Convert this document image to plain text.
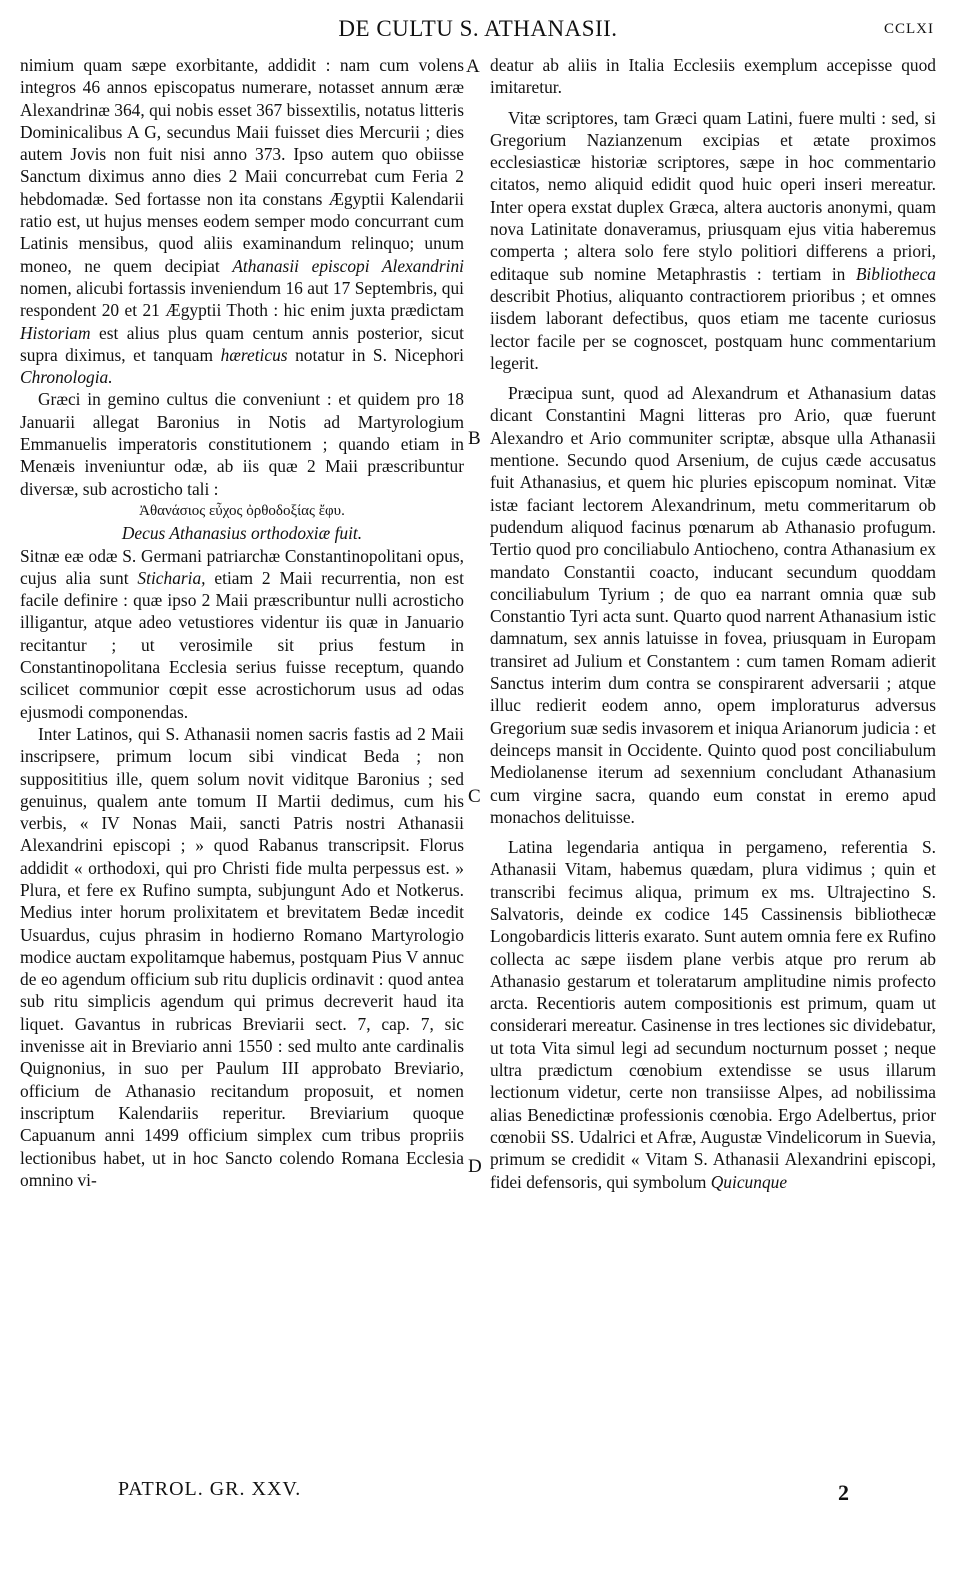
DE CULTU S. ATHANASII.	CCLXI
A
B
C
D

nimium quam sæpe exorbitante, addidit : nam cum volens integros 46 annos episcopatus numerare, notasset annum æræ Alexandrinæ 364, qui nobis esset 367 bissextilis, notatus litteris Dominicalibus A G, secundus Maii fuisset dies Mercurii ; dies autem Jovis non fuit nisi anno 373. Ipso autem quo obiisse Sanctum diximus anno dies 2 Maii concurrebat cum Feria 2 hebdomadæ. Sed fortasse non ita constans Ægyptii Kalendarii ratio est, ut hujus menses eodem semper modo concurrant cum Latinis mensibus, quod aliis examinandum relinquo; unum moneo, ne quem decipiat Athanasii episcopi Alexandrini nomen, alicubi fortassis inveniendum 16 aut 17 Septembris, qui respondent 20 et 21 Ægyptii Thoth : hic enim juxta prædictam Historiam est alius plus quam centum annis posterior, sicut supra diximus, et tanquam hæreticus notatur in S. Nicephori Chronologia.

Græci in gemino cultus die conveniunt : et quidem pro 18 Januarii allegat Baronius in Notis ad Martyrologium Emmanuelis imperatoris constitutionem ; quando etiam in Menæis inveniuntur odæ, ab iis quæ 2 Maii præscribuntur diversæ, sub acrosticho tali :

Ἀθανάσιος εὖχος ὀρθοδοξίας ἔφυ.

Decus Athanasius orthodoxiæ fuit.

Sitnæ eæ odæ S. Germani patriarchæ Constantinopolitani opus, cujus alia sunt Sticharia, etiam 2 Maii recurrentia, non est facile definire : quæ ipso 2 Maii præscribuntur nulli acrosticho illigantur, atque adeo vetustiores videntur iis quæ in Januario recitantur ; ut verosimile sit prius festum in Constantinopolitana Ecclesia serius fuisse receptum, quando scilicet communior cœpit esse acrostichorum usus ad odas ejusmodi componendas.

Inter Latinos, qui S. Athanasii nomen sacris fastis ad 2 Maii inscripsere, primum locum sibi vindicat Beda ; non supposititius ille, quem solum novit viditque Baronius ; sed genuinus, qualem ante tomum II Martii dedimus, cum his verbis, « IV Nonas Maii, sancti Patris nostri Athanasii Alexandrini episcopi ; » quod Rabanus transcripsit. Florus addidit « orthodoxi, qui pro Christi fide multa perpessus est. » Plura, et fere ex Rufino sumpta, subjungunt Ado et Notkerus. Medius inter horum prolixitatem et brevitatem Bedæ incedit Usuardus, cujus phrasim in hodierno Romano Martyrologio modice auctam expolitamque habemus, postquam Pius V annuc de eo agendum officium sub ritu duplicis ordinavit : quod antea sub ritu simplicis agendum qui primus decreverit haud ita liquet. Gavantus in rubricas Breviarii sect. 7, cap. 7, sic invenisse ait in Breviario anni 1550 : sed multo ante cardinalis Quignonius, in suo per Paulum III approbato Breviario, officium de Athanasio recitandum proposuit, et nomen inscriptum Kalendariis reperitur. Breviarium quoque Capuanum anni 1499 officium simplex cum tribus propriis lectionibus habet, ut in hoc Sancto colendo Romana Ecclesia omnino vi-

deatur ab aliis in Italia Ecclesiis exemplum accepisse quod imitaretur.

Vitæ scriptores, tam Græci quam Latini, fuere multi : sed, si Gregorium Nazianzenum excipias et ætate proximos ecclesiasticæ historiæ scriptores, sæpe in hoc commentario citatos, nemo aliquid edidit quod huic operi inseri mereatur. Inter opera exstat duplex Græca, altera auctoris anonymi, quam nova Latinitate donaveramus, priusquam ejus vitia haberemus comperta ; altera solo fere stylo politiori differens a priori, editaque sub nomine Metaphrastis : tertiam in Bibliotheca describit Photius, aliquanto contractiorem prioribus ; et omnes iisdem laborant defectibus, quos etiam me tacente curiosus lector facile per se cognoscet, postquam hunc commentarium legerit.

Præcipua sunt, quod ad Alexandrum et Athanasium datas dicant Constantini Magni litteras pro Ario, quæ fuerunt Alexandro et Ario communiter scriptæ, absque ulla Athanasii mentione. Secundo quod Arsenium, de cujus cæde accusatus fuit Athanasius, et quem hic pluries episcopum nominat. Vitæ istæ faciant lectorem Alexandrinum, metu commeritarum ob pudendum aliquod facinus pœnarum ab Athanasio profugum. Tertio quod pro conciliabulo Antiocheno, contra Athanasium ex mandato Constantii coacto, inducant secundum quoddam conciliabulum Tyrium ; de quo ea narrant omnia quæ sub Constantio Tyri acta sunt. Quarto quod narrent Athanasium istic damnatum, sex annis latuisse in fovea, priusquam in Europam transiret ad Julium et Constantem : cum tamen Romam adierit Sanctus interim dum contra se conspirarent adversarii ; atque illuc redierit eodem anno, opem imploraturus adversus Gregorium suæ sedis invasorem et iniqua Arianorum judicia : et deinceps mansit in Occidente. Quinto quod post conciliabulum Mediolanense iterum ad sexennium concludant Athanasium cum virgine sacra, quando eum constat in eremo apud monachos delituisse.

Latina legendaria antiqua in pergameno, referentia S. Athanasii Vitam, habemus quædam, plura vidimus ; quin et transcribi fecimus aliqua, primum ex ms. Ultrajectino S. Salvatoris, deinde ex codice 145 Cassinensis bibliothecæ Longobardicis litteris exarato. Sunt autem omnia fere ex Rufino collecta ac sæpe iisdem plane verbis atque pro rerum ab Athanasio gestarum et toleratarum amplitudine nimis profecto arcta. Recentioris autem compositionis est primum, quam ut considerari mereatur. Casinense in tres lectiones sic dividebatur, ut tota Vita simul legi ad secundum nocturnum posset ; neque ultra prædictum cœnobium extendisse se usus illarum lectionum videtur, certe non transiisse Alpes, ad nobilissima alias Benedictinæ professionis cœnobia. Ergo Adelbertus, prior cœnobii SS. Udalrici et Afræ, Augustæ Vindelicorum in Suevia, primum se credidit « Vitam S. Athanasii Alexandrini episcopi, fidei defensoris, qui symbolum Quicunque

PATROL. GR. XXV.	2
